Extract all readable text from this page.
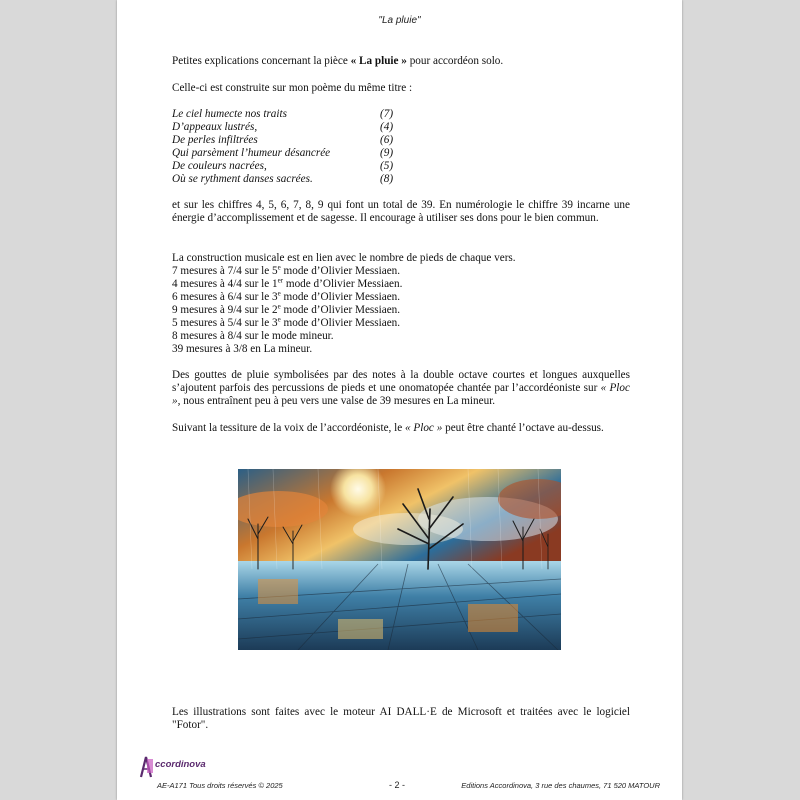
"La pluie"
Petites explications concernant la pièce « La pluie » pour accordéon solo.
Celle-ci est construite sur mon poème du même titre :
Le ciel humecte nos traits	(7)
D’appeaux lustrés,	(4)
De perles infiltrées	(6)
Qui parsèment l’humeur désancrée	(9)
De couleurs nacrées,	(5)
Où se rythment danses sacrées.	(8)
et sur les chiffres 4, 5, 6, 7, 8, 9 qui font un total de 39. En numérologie le chiffre 39 incarne une énergie d’accomplissement et de sagesse. Il encourage à utiliser ses dons pour le bien commun.
La construction musicale est en lien avec le nombre de pieds de chaque vers.
7 mesures à 7/4 sur le 5e mode d’Olivier Messiaen.
4 mesures à 4/4 sur le 1er mode d’Olivier Messiaen.
6 mesures à 6/4 sur le 3e mode d’Olivier Messiaen.
9 mesures à 9/4 sur le 2e mode d’Olivier Messiaen.
5 mesures à 5/4 sur le 3e mode d’Olivier Messiaen.
8 mesures à 8/4 sur le mode mineur.
39 mesures à 3/8 en La mineur.
Des gouttes de pluie symbolisées par des notes à la double octave courtes et longues auxquelles s’ajoutent parfois des percussions de pieds et une onomatopée chantée par l’accordéoniste sur « Ploc », nous entraînent peu à peu vers une valse de 39 mesures en La mineur.
Suivant la tessiture de la voix de l’accordéoniste, le « Ploc » peut être chanté l’octave au-dessus.
Les illustrations sont faites avec le moteur AI DALL·E de Microsoft et traitées avec le logiciel "Fotor".
ccordinova
AE-A171 Tous droits réservés © 2025	- 2 -	Editions Accordinova, 3 rue des chaumes, 71 520 MATOUR
